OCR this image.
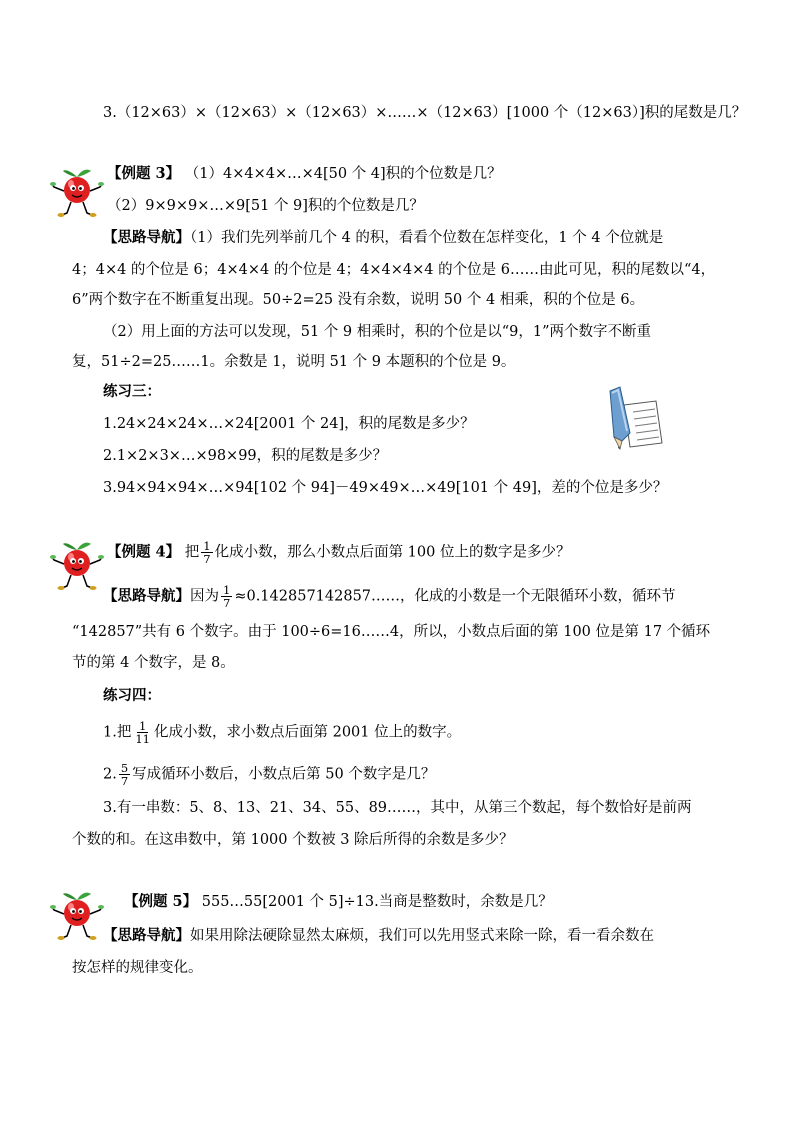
3.（12×63）×（12×63）×（12×63）×……×（12×63）[1000 个（12×63）]积的尾数是几？
【例题 3】 （1）4×4×4×…×4[50 个 4]积的个位数是几？
（2）9×9×9×…×9[51 个 9]积的个位数是几？
【思路导航】（1）我们先列举前几个 4 的积，看看个位数在怎样变化，1 个 4 个位就是
4；4×4 的个位是 6；4×4×4 的个位是 4；4×4×4×4 的个位是 6……由此可见，积的尾数以“4，
6”两个数字在不断重复出现。50÷2=25 没有余数，说明 50 个 4 相乘，积的个位是 6。
（2）用上面的方法可以发现，51 个 9 相乘时，积的个位是以“9，1”两个数字不断重
复，51÷2=25……1。余数是 1，说明 51 个 9 本题积的个位是 9。
练习三：
1.24×24×24×…×24[2001 个 24]，积的尾数是多少？
2.1×2×3×…×98×99，积的尾数是多少？
3.94×94×94×…×94[102 个 94]－49×49×…×49[101 个 49]，差的个位是多少？
【例题 4】 把 $\frac{1}{7}$ 化成小数，那么小数点后面第 100 位上的数字是多少？
【思路导航】因为 $\frac{1}{7}$ ≈0.142857142857……，化成的小数是一个无限循环小数，循环节
“142857”共有 6 个数字。由于 100÷6=16……4，所以，小数点后面的第 100 位是第 17 个循环
节的第 4 个数字，是 8。
练习四：
1.把 $\frac{1}{11}$ 化成小数，求小数点后面第 2001 位上的数字。
2. $\frac{5}{7}$ 写成循环小数后，小数点后第 50 个数字是几？
3.有一串数：5、8、13、21、34、55、89……，其中，从第三个数起，每个数恰好是前两
个数的和。在这串数中，第 1000 个数被 3 除后所得的余数是多少？
【例题 5】 555…55[2001 个 5]÷13.当商是整数时，余数是几？
【思路导航】如果用除法硬除显然太麻烦，我们可以先用竖式来除一除，看一看余数在
按怎样的规律变化。
